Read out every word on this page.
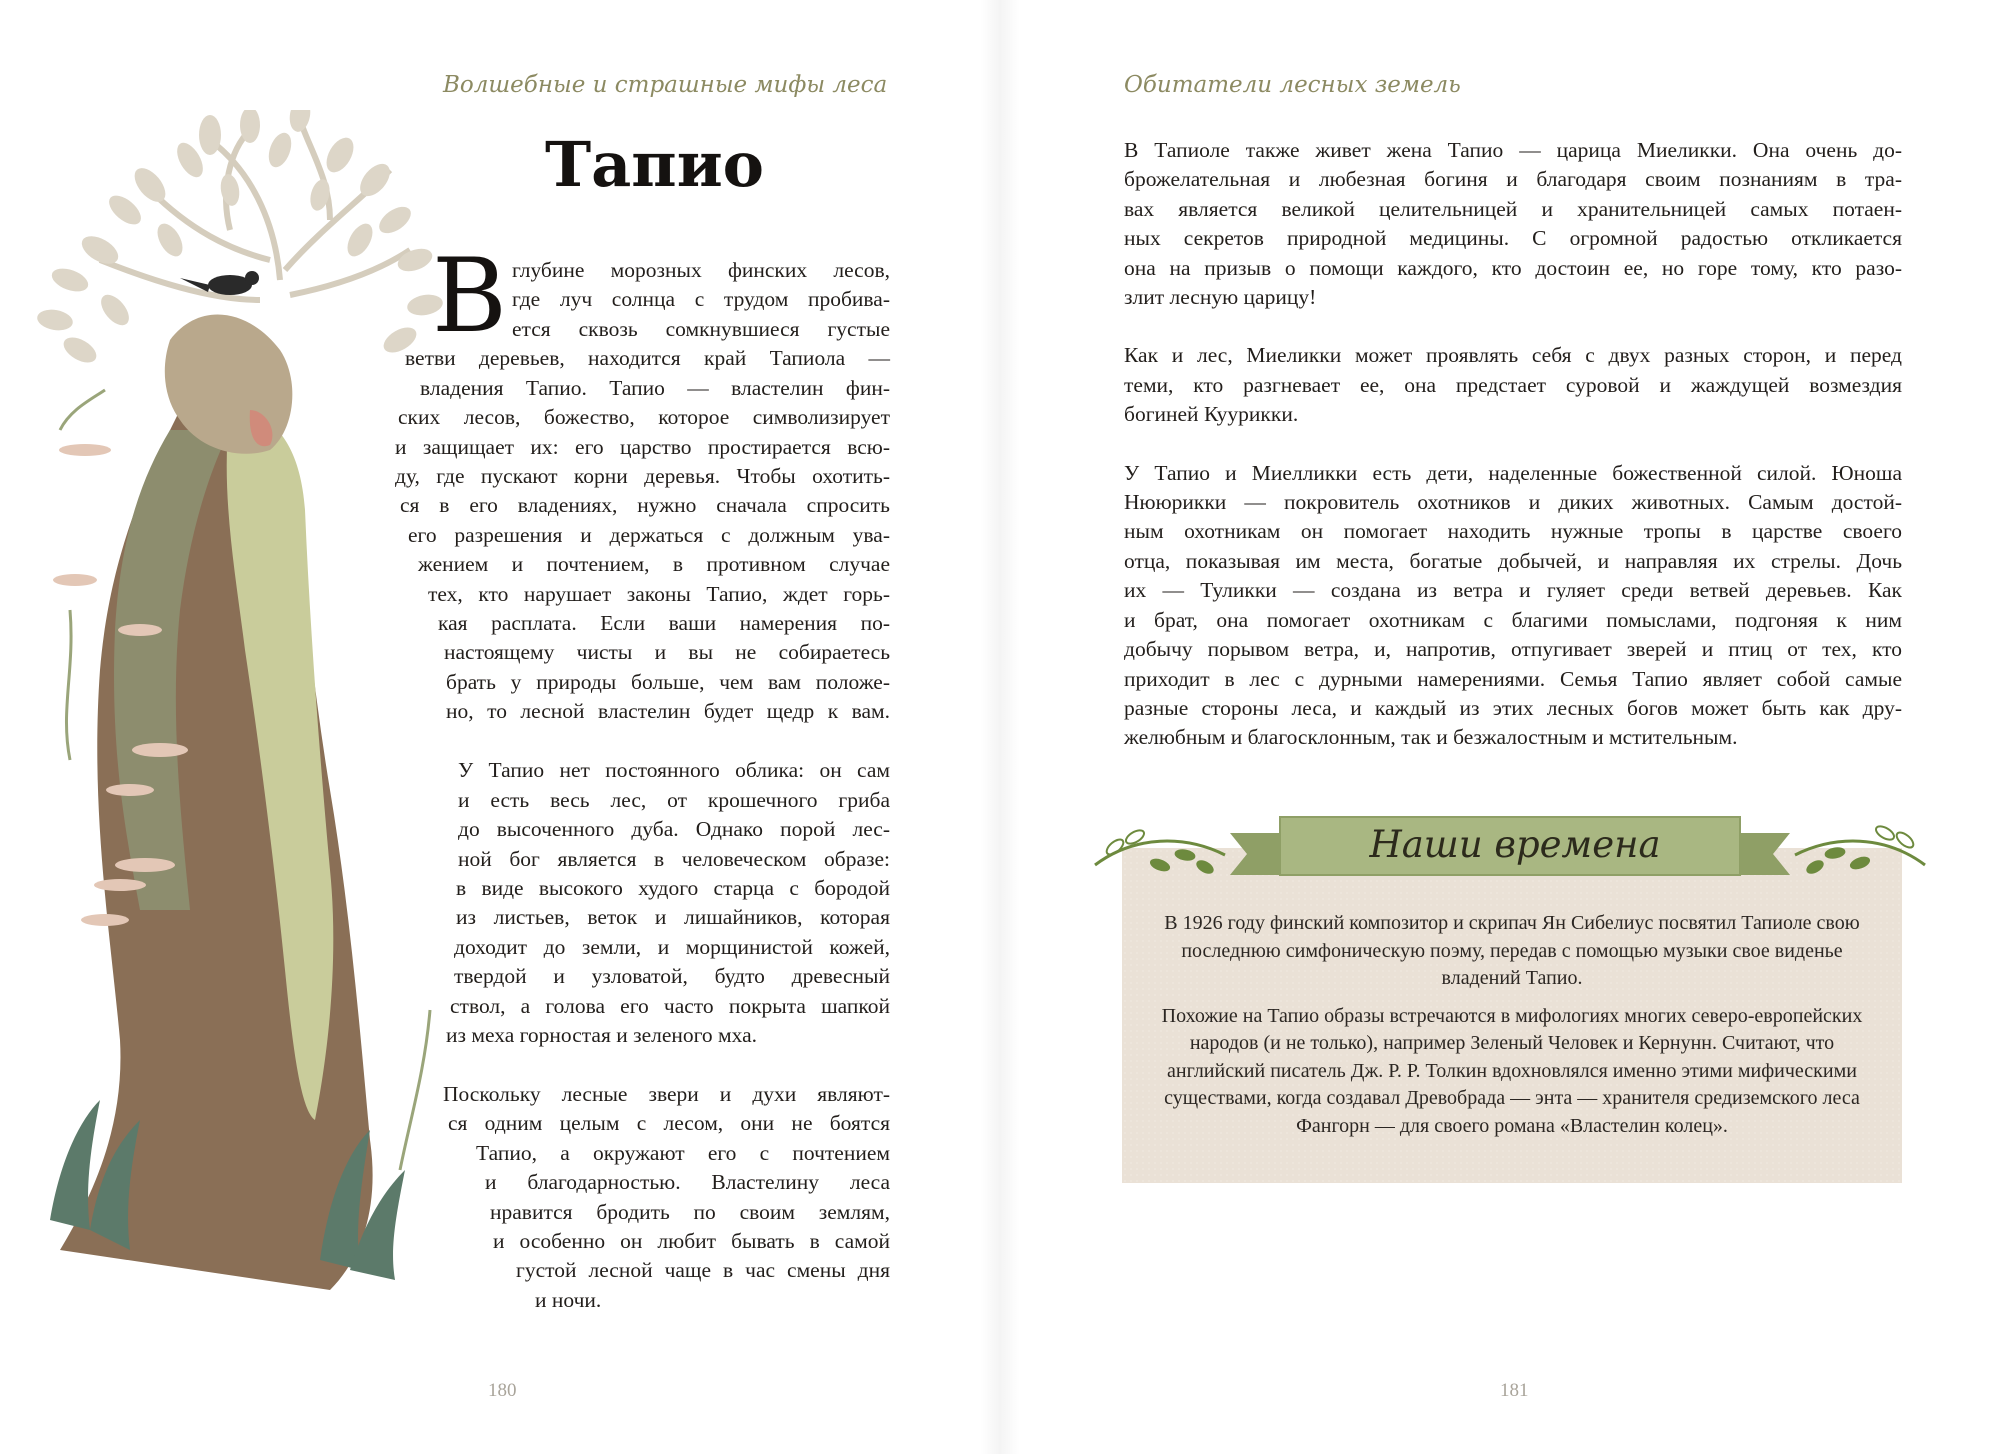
Волшебные и страшные мифы леса
Тапио
В глубине морозных финских лесов,
где луч солнца с трудом пробива-
ется сквозь сомкнувшиеся густые
ветви деревьев, находится край Тапиола —
владения Тапио. Тапио — властелин фин-
ских лесов, божество, которое символизирует
и защищает их: его царство простирается всю-
ду, где пускают корни деревья. Чтобы охотить-
ся в его владениях, нужно сначала спросить
его разрешения и держаться с должным ува-
жением и почтением, в противном случае
тех, кто нарушает законы Тапио, ждет горь-
кая расплата. Если ваши намерения по-
настоящему чисты и вы не собираетесь
брать у природы больше, чем вам положе-
но, то лесной властелин будет щедр к вам.
У Тапио нет постоянного облика: он сам
и есть весь лес, от крошечного гриба
до высоченного дуба. Однако порой лес-
ной бог является в человеческом образе:
в виде высокого худого старца с бородой
из листьев, веток и лишайников, которая
доходит до земли, и морщинистой кожей,
твердой и узловатой, будто древесный
ствол, а голова его часто покрыта шапкой
из меха горностая и зеленого мха.
Поскольку лесные звери и духи являют-
ся одним целым с лесом, они не боятся
Тапио, а окружают его с почтением
и благодарностью. Властелину леса
нравится бродить по своим землям,
и особенно он любит бывать в самой
густой лесной чаще в час смены дня
и ночи.
180
Обитатели лесных земель
В Тапиоле также живет жена Тапио — царица Миеликки. Она очень до-
брожелательная и любезная богиня и благодаря своим познаниям в тра-
вах является великой целительницей и хранительницей самых потаен-
ных секретов природной медицины. С огромной радостью откликается
она на призыв о помощи каждого, кто достоин ее, но горе тому, кто разо-
злит лесную царицу!
Как и лес, Миеликки может проявлять себя с двух разных сторон, и перед
теми, кто разгневает ее, она предстает суровой и жаждущей возмездия
богиней Куурикки.
У Тапио и Миелликки есть дети, наделенные божественной силой. Юноша
Нююрикки — покровитель охотников и диких животных. Самым достой-
ным охотникам он помогает находить нужные тропы в царстве своего
отца, показывая им места, богатые добычей, и направляя их стрелы. Дочь
их — Туликки — создана из ветра и гуляет среди ветвей деревьев. Как
и брат, она помогает охотникам с благими помыслами, подгоняя к ним
добычу порывом ветра, и, напротив, отпугивает зверей и птиц от тех, кто
приходит в лес с дурными намерениями. Семья Тапио являет собой самые
разные стороны леса, и каждый из этих лесных богов может быть как дру-
желюбным и благосклонным, так и безжалостным и мстительным.

В 1926 году финский композитор и скрипач Ян Сибелиус посвятил Тапиоле свою последнюю симфоническую поэму, передав с помощью музыки свое виденье владений Тапио.

Похожие на Тапио образы встречаются в мифологиях многих северо-европейских народов (и не только), например Зеленый Человек и Кернунн. Считают, что английский писатель Дж. Р. Р. Толкин вдохновлялся именно этими мифическими существами, когда создавал Древобрада — энта — хранителя средиземского леса Фангорн — для своего романа «Властелин колец».

Наши времена
181
